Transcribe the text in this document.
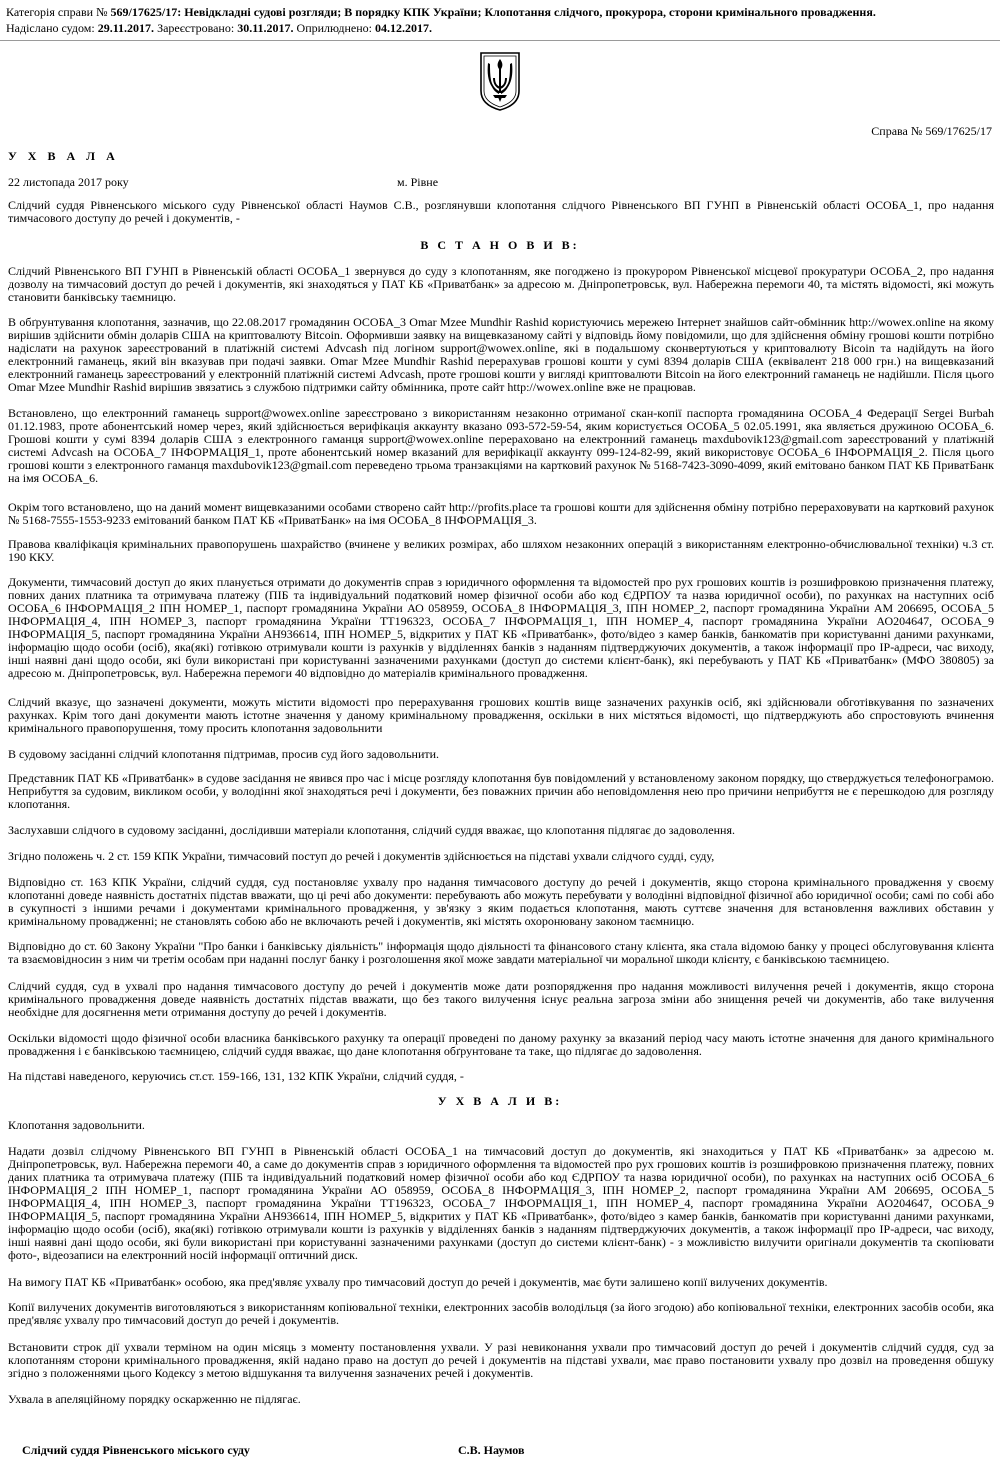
Категорія справи № 569/17625/17: Невідкладні судові розгляди; В порядку КПК України; Клопотання слідчого, прокурора, сторони кримінального провадження.
Надіслано судом: 29.11.2017. Зареєстровано: 30.11.2017. Оприлюднено: 04.12.2017.
Справа № 569/17625/17
У Х В А Л А
22 листопада 2017 року	м. Рівне
Слідчий суддя Рівненського міського суду Рівненської області Наумов С.В., розглянувши клопотання слідчого Рівненського ВП ГУНП в Рівненській області ОСОБА_1, про надання тимчасового доступу до речей і документів, -
В С Т А Н О В И В:
Слідчий Рівненського ВП ГУНП в Рівненській області ОСОБА_1 звернувся до суду з клопотанням, яке погоджено із прокурором Рівненської місцевої прокуратури ОСОБА_2, про надання дозволу на тимчасовий доступ до речей і документів, які знаходяться у ПАТ КБ «Приватбанк» за адресою м. Дніпропетровськ, вул. Набережна перемоги 40, та містять відомості, які можуть становити банківську таємницю.
В обґрунтування клопотання, зазначив, що 22.08.2017 громадянин ОСОБА_3 Omar Mzee Mundhir Rashid користуючись мережею Інтернет знайшов сайт-обмінник http://wowex.online на якому вирішив здійснити обмін доларів США на криптовалюту Bitcoin. Оформивши заявку на вищевказаному сайті у відповідь йому повідомили, що для здійснення обміну грошові кошти потрібно надіслати на рахунок зареєстрований в платіжній системі Advcash під логіном support@wowex.online, які в подальшому сконвертуються у криптовалюту Bicoin та надійдуть на його електронний гаманець, який він вказував при подачі заявки. Omar Mzee Mundhir Rashid перерахував грошові кошти у сумі 8394 доларів США (еквівалент 218 000 грн.) на вищевказаний електронний гаманець зареєстрований у електронній платіжній системі Advcash, проте грошові кошти у вигляді криптовалюти Bitcoin на його електронний гаманець не надійшли. Після цього Omar Mzee Mundhir Rashid вирішив звязатись з службою підтримки сайту обмінника, проте сайт http://wowex.online вже не працював.
Встановлено, що електронний гаманець support@wowex.online зареєстровано з використанням незаконно отриманої скан-копії паспорта громадянина ОСОБА_4 Федерації Sergei Burbah 01.12.1983, проте абонентський номер через, який здійснюється верифікація аккаунту вказано 093-572-59-54, яким користується ОСОБА_5 02.05.1991, яка являється дружиною ОСОБА_6. Грошові кошти у сумі 8394 доларів США з електронного гаманця support@wowex.online перераховано на електронний гаманець maxdubovik123@gmail.com зареєстрований у платіжній системі Advcash на ОСОБА_7 ІНФОРМАЦІЯ_1, проте абонентський номер вказаний для верифікації аккаунту 099-124-82-99, який використовує ОСОБА_6 ІНФОРМАЦІЯ_2. Після цього грошові кошти з електронного гаманця maxdubovik123@gmail.com переведено трьома транзакціями на картковий рахунок № 5168-7423-3090-4099, який емітовано банком ПАТ КБ ПриватБанк на імя ОСОБА_6.
Окрім того встановлено, що на даний момент вищевказаними особами створено сайт http://profits.place та грошові кошти для здійснення обміну потрібно перераховувати на картковий рахунок № 5168-7555-1553-9233 емітований банком ПАТ КБ «ПриватБанк» на імя ОСОБА_8 ІНФОРМАЦІЯ_3.
Правова кваліфікація кримінальних правопорушень шахрайство (вчинене у великих розмірах, або шляхом незаконних операцій з використанням електронно-обчислювальної техніки) ч.3 ст. 190 ККУ.
Документи, тимчасовий доступ до яких планується отримати до документів справ з юридичного оформлення та відомостей про рух грошових коштів із розшифровкою призначення платежу, повних даних платника та отримувача платежу (ПІБ та індивідуальний податковий номер фізичної особи або код ЄДРПОУ та назва юридичної особи), по рахунках на наступних осіб ОСОБА_6 ІНФОРМАЦІЯ_2 ІПН НОМЕР_1, паспорт громадянина України АО 058959, ОСОБА_8 ІНФОРМАЦІЯ_3, ІПН НОМЕР_2, паспорт громадянина України АМ 206695, ОСОБА_5 ІНФОРМАЦІЯ_4, ІПН НОМЕР_3, паспорт громадянина України ТТ196323, ОСОБА_7 ІНФОРМАЦІЯ_1, ІПН НОМЕР_4, паспорт громадянина України АО204647, ОСОБА_9 ІНФОРМАЦІЯ_5, паспорт громадянина України АН936614, ІПН НОМЕР_5, відкритих у ПАТ КБ «Приватбанк», фото/відео з камер банків, банкоматів при користуванні даними рахунками, інформацію щодо особи (осіб), яка(які) готівкою отримували кошти із рахунків у відділеннях банків з наданням підтверджуючих документів, а також інформації про IP-адреси, час виходу, інші наявні дані щодо особи, які були використані при користуванні зазначеними рахунками (доступ до системи клієнт-банк), які перебувають у ПАТ КБ «Приватбанк» (МФО 380805) за адресою м. Дніпропетровськ, вул. Набережна перемоги 40 відповідно до матеріалів кримінального провадження.
Слідчий вказує, що зазначені документи, можуть містити відомості про перерахування грошових коштів вище зазначених рахунків осіб, які здійснювали обготівкування по зазначених рахунках. Крім того дані документи мають істотне значення у даному кримінальному провадження, оскільки в них містяться відомості, що підтверджують або спростовують вчинення кримінального правопорушення, тому просить клопотання задовольнити
В судовому засіданні слідчий клопотання підтримав, просив суд його задовольнити.
Представник ПАТ КБ «Приватбанк» в судове засідання не явився про час і місце розгляду клопотання був повідомлений у встановленому законом порядку, що стверджується телефонограмою. Неприбуття за судовим, викликом особи, у володінні якої знаходяться речі і документи, без поважних причин або неповідомлення нею про причини неприбуття не є перешкодою для розгляду клопотання.
Заслухавши слідчого в судовому засіданні, дослідивши матеріали клопотання, слідчий суддя вважає, що клопотання підлягає до задоволення.
Згідно положень ч. 2 ст. 159 КПК України, тимчасовий поступ до речей і документів здійснюється на підставі ухвали слідчого судді, суду,
Відповідно ст. 163 КПК України, слідчий суддя, суд постановляє ухвалу про надання тимчасового доступу до речей і документів, якщо сторона кримінального провадження у своєму клопотанні доведе наявність достатніх підстав вважати, що ці речі або документи: перебувають або можуть перебувати у володінні відповідної фізичної або юридичної особи; самі по собі або в сукупності з іншими речами і документами кримінального провадження, у зв'язку з яким подається клопотання, мають суттєве значення для встановлення важливих обставин у кримінальному провадженні; не становлять собою або не включають речей і документів, які містять охоронювану законом таємницю.
Відповідно до ст. 60 Закону України "Про банки і банківську діяльність" інформація щодо діяльності та фінансового стану клієнта, яка стала відомою банку у процесі обслуговування клієнта та взаємовідносин з ним чи третім особам при наданні послуг банку і розголошення якої може завдати матеріальної чи моральної шкоди клієнту, є банківською таємницею.
Слідчий суддя, суд в ухвалі про надання тимчасового доступу до речей і документів може дати розпорядження про надання можливості вилучення речей і документів, якщо сторона кримінального провадження доведе наявність достатніх підстав вважати, що без такого вилучення існує реальна загроза зміни або знищення речей чи документів, або таке вилучення необхідне для досягнення мети отримання доступу до речей і документів.
Оскільки відомості щодо фізичної особи власника банківського рахунку та операції проведені по даному рахунку за вказаний період часу мають істотне значення для даного кримінального провадження і є банківською таємницею, слідчий суддя вважає, що дане клопотання обґрунтоване та таке, що підлягає до задоволення.
На підставі наведеного, керуючись ст.ст. 159-166, 131, 132 КПК України, слідчий суддя, -
У Х В А Л И В:
Клопотання задовольнити.
Надати дозвіл слідчому Рівненського ВП ГУНП в Рівненській області ОСОБА_1 на тимчасовий доступ до документів, які знаходиться у ПАТ КБ «Приватбанк» за адресою м. Дніпропетровськ, вул. Набережна перемоги 40, а саме до документів справ з юридичного оформлення та відомостей про рух грошових коштів із розшифровкою призначення платежу, повних даних платника та отримувача платежу (ПІБ та індивідуальний податковий номер фізичної особи або код ЄДРПОУ та назва юридичної особи), по рахунках на наступних осіб ОСОБА_6 ІНФОРМАЦІЯ_2 ІПН НОМЕР_1, паспорт громадянина України АО 058959, ОСОБА_8 ІНФОРМАЦІЯ_3, ІПН НОМЕР_2, паспорт громадянина України АМ 206695, ОСОБА_5 ІНФОРМАЦІЯ_4, ІПН НОМЕР_3, паспорт громадянина України ТТ196323, ОСОБА_7 ІНФОРМАЦІЯ_1, ІПН НОМЕР_4, паспорт громадянина України АО204647, ОСОБА_9 ІНФОРМАЦІЯ_5, паспорт громадянина України АН936614, ІПН НОМЕР_5, відкритих у ПАТ КБ «Приватбанк», фото/відео з камер банків, банкоматів при користуванні даними рахунками, інформацію щодо особи (осіб), яка(які) готівкою отримували кошти із рахунків у відділеннях банків з наданням підтверджуючих документів, а також інформації про IP-адреси, час виходу, інші наявні дані щодо особи, які були використані при користуванні зазначеними рахунками (доступ до системи клієнт-банк) - з можливістю вилучити оригінали документів та скопіювати фото-, відеозаписи на електронний носій інформації оптичний диск.
На вимогу ПАТ КБ «Приватбанк» особою, яка пред'являє ухвалу про тимчасовий доступ до речей і документів, має бути залишено копії вилучених документів.
Копії вилучених документів виготовляються з використанням копіювальної техніки, електронних засобів володільця (за його згодою) або копіювальної техніки, електронних засобів особи, яка пред'являє ухвалу про тимчасовий доступ до речей і документів.
Встановити строк дії ухвали терміном на один місяць з моменту постановлення ухвали. У разі невиконання ухвали про тимчасовий доступ до речей і документів слідчий суддя, суд за клопотанням сторони кримінального провадження, якій надано право на доступ до речей і документів на підставі ухвали, має право постановити ухвалу про дозвіл на проведення обшуку згідно з положеннями цього Кодексу з метою відшукання та вилучення зазначених речей і документів.
Ухвала в апеляційному порядку оскарженню не підлягає.
Слідчий суддя Рівненського міського суду	С.В. Наумов
